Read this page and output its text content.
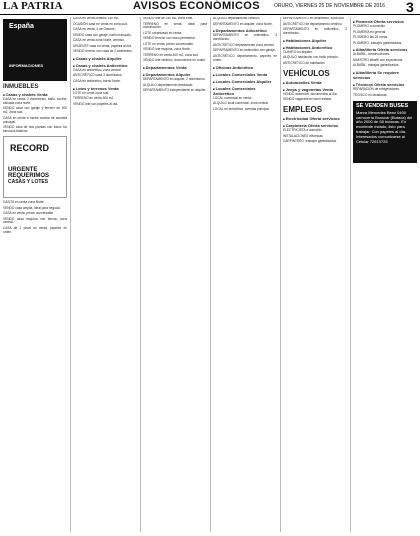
LA PATRIA	AVISOS ECONÓMICOS	ORURO, VIERNES 25 DE NOVIEMBRE DE 2016 3
España
INFORMACIONES
INMUEBLES
■ Casas y chalets Venta

CASA en venta, 2 dormitorios, baño, cocina, ubicada zona norte.

VENDO casa con garaje y terreno de 300 m2, zona sud.

CASA en venta a media cuadra de avenida principal.

VENDO casa de dos plantas con todos los servicios básicos.

RECORD
URGENTE REQUERIMOS
CASAS Y LOTES

CASITA en venta zona Norte.

VENDO casa amplia, ideal para negocio.

CASA en venta, precio conversable.

VENDO casa esquina con tienda, zona central.

CASA de 2 pisos en venta, papeles en orden.

CASA en venta céntrico 140 m2.

OCASIÓN casa en venta en zona sud.

CASA en venta, 4 de Octubre.

VENDO casa con garaje, barrio tranquilo.

CASA en venta zona Norte, céntrico.

URGENTE casa en venta, papeles al día.

VENDO terreno con casa de 2 ambientes.

■ Casas y chalets Alquiler
■ Casas y chalets Anticrético

CASA en anticrético, zona central.

ANTICRÉTICO casa 3 dormitorios.

CASA en anticrético, barrio Norte.

■ Lotes y terrenos Venta

LOTE en venta zona sud.

TERRENO en venta 300 m2.

VENDO lote con papeles al día.

VENDO lote de 250 m2, zona Este.

TERRENO en venta, ideal para construcción.

LOTE urbanizado en venta.

VENDO terreno con muro perimetral.

LOTE en venta, precio conversable.

VENDO lote esquina, zona Norte.

TERRENO en venta 400 m2, zona sud.

VENDO lote céntrico, documentos en orden.

■ Departamentos Venta
■ Departamentos Alquiler

DEPARTAMENTO en alquiler, 2 dormitorios.

ALQUILO departamento amoblado.

DEPARTAMENTO independiente en alquiler.

ALQUILO departamento céntrico.

DEPARTAMENTO en alquiler, zona Norte.

■ Departamentos Anticrético

DEPARTAMENTO en anticrético, 3 dormitorios.

ANTICRÉTICO departamento zona central.

DEPARTAMENTO en anticrético con garaje.

ANTICRÉTICO departamento, papeles en orden.

■ Oficinas Anticrético
■ Locales Comerciales Venta
■ Locales Comerciales Alquiler
■ Locales Comerciales Anticrético

LOCAL comercial en venta.

ALQUILO local comercial, zona central.

LOCAL en anticrético, avenida principal.

DEPARTAMENTO en anticrético, zona sud.

ANTICRÉTICO de departamento céntrico.

DEPARTAMENTO en anticrético, 2 dormitorios.

■ Habitaciones Alquiler
■ Habitaciones Anticrético

CUARTO en alquiler.

ALQUILO habitación con baño privado.

ANTICRÉTICO de habitación.

VEHÍCULOS
■ Automóviles Venta
■ Jeeps y vagonetas Venta

VENDO automóvil, documentos al día.

VENDO vagoneta en buen estado.

EMPLEOS
■ Electricidad Oferta servicios
■ Carpintería Oferta servicios

ELECTRICISTA a domicilio.

INSTALACIONES eléctricas.

CARPINTERO, trabajos garantizados.

■ Plomería Oferta servicios

PLOMERO a domicilio.

PLOMERÍA en general.

PLOMERO las 24 horas.

PLOMERO, trabajos garantizados.

■ Albañilería Oferta servicios

ALBAÑIL, construcciones.

MAESTRO albañil con experiencia.

ALBAÑIL, trabajos garantizados.

■ Albañilería Se requiere servicios
■ Técnicos Oferta servicios

REPARACIÓN de refrigeradores.

TÉCNICO en lavadoras.

SE VENDEN BUSES
Marca Mercedes Benz 0400 carrocería Busscar (Butaca) del año 2000 de 58 butacas. En excelente estado, listo para trabajar. Con papeles al día. Interesados comunicarse al Celular 72613725
